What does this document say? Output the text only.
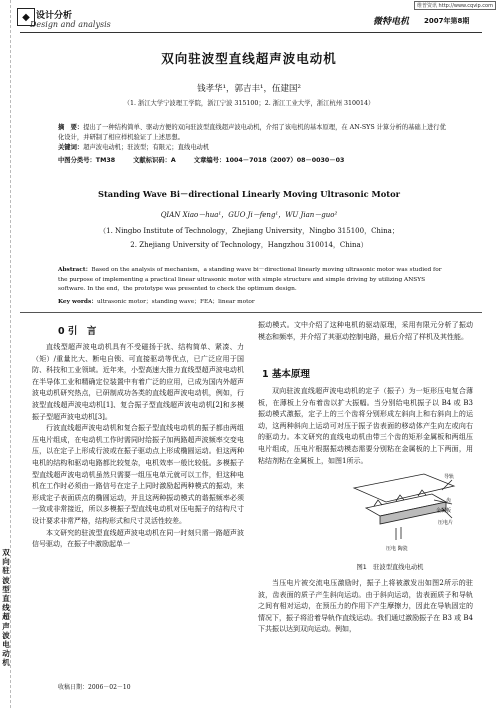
维普资讯 http://www.cqvip.com
◆ 设计分析
Design and analysis	微特电机 2007年第8期
双向驻波型直线超声波电动机
双向驻波型直线超声波电动机
钱孝华¹，郭吉丰¹，伍建国²
（1. 浙江大学宁波理工学院，浙江宁波 315100；2. 浙江工业大学，浙江杭州 310014）
摘　要：提出了一种结构简单、驱动方便的双向驻波型直线超声波电动机，介绍了该电机的基本原理，在 AN-SYS 计算分析的基础上进行优化设计，并研制了相应样机验证了上述思想。
关键词：超声波电动机；驻波型；有限元；直线电动机
中图分类号：TM38	文献标识码：A	文章编号：1004－7018（2007）08－0030－03
Standing Wave Bi－directional Linearly Moving Ultrasonic Motor
QIAN Xiao－hua¹，GUO Ji－feng¹，WU Jian－guo²
（1. Ningbo Institute of Technology，Zhejiang University，Ningbo 315100，China；
2. Zhejiang University of Technology，Hangzhou 310014，China）
Abstract：Based on the analysis of mechanism，a standing wave bi－directional linearly moving ultrasonic motor was studied for the purpose of implementing a practical linear ultrasonic motor with simple structure and simple driving by utilizing ANSYS software. In the end，the prototype was presented to check the optimum design.
Key words：ultrasonic motor；standing wave；FEA；linear motor
0 引　言

直线型超声波电动机具有不受磁扬于扰、结构简单、紧凑、力（矩）/重量比大、断电自锁、可直接驱动等优点，已广泛应用于国防、科技和工业领域。近年来，小型高速大推力直线型超声波电动机在半导体工业和精确定位装置中有着广泛的应用，已成为国内外超声波电动机研究热点，已研制成功各类的直线超声波电动机，例如，行波型直线超声波电动机[1]、复合振子型直线超声波电动机[2]和多模振子型超声波电动机[3]。

行波直线超声波电动机和复合振子型直线电动机的振子都由两组压电片组成，在电动机工作时需同时给振子加两路超声波频率交变电压，以在定子上形成行波或在振子驱动点上形成椭圆运动。但这两种电机的结构和驱动电路都比较复杂，电机效率一般比较低。多模振子型直线超声波电动机虽然只需要一组压电单元就可以工作，但这种电机在工作时必须由一路信号在定子上同时激励起两种模式的振动，来形成定子表面质点的椭圆运动，并且这两种振动模式的谐振频率必须一致或非常接近，所以多模振子型直线电动机对压电振子的结构尺寸设计要求非常严格，结构形式和尺寸灵活性较差。

本文研究的驻波型直线超声波电动机在同一时刻只需一路超声波信号驱动，在振子中激励起单一

收稿日期：2006－02－10

振动模式。文中介绍了这种电机的驱动原理，采用有限元分析了振动模态和频率，并介绍了其驱动控制电路，最后介绍了样机及其性能。

1 基本原理

双向驻波直线超声波电动机的定子（振子）为一矩形压电复合薄板，在薄板上分布着齿以扩大振幅。当分别给电机振子以 B4 或 B3 振动模式激振，定子上的三个齿将分别形成左斜向上和右斜向上的运动，这两种斜向上运动可对压于振子齿表面的移动体产生向左或向右的驱动力。本文研究的直线电动机由带三个齿的矩形金属板和两组压电片组成，压电片根据振动模态需要分别粘在金属板的上下两面，用粘结剂粘在金属板上，如图1所示。

导轨
齿
金属板
压电片
压电 陶瓷
图1　驻波型直线电动机

当压电片被交流电压激励时，振子上将被激发出如图2所示的驻波，齿表面的质子产生斜向运动。由于斜向运动，齿表面质子和导轨之间有相对运动，在预压力的作用下产生摩擦力，因此在导轨固定的情况下，振子将沿着导轨作直线运动。我们通过激励振子在 B3 或 B4 下共振以达到双向运动。例如，
